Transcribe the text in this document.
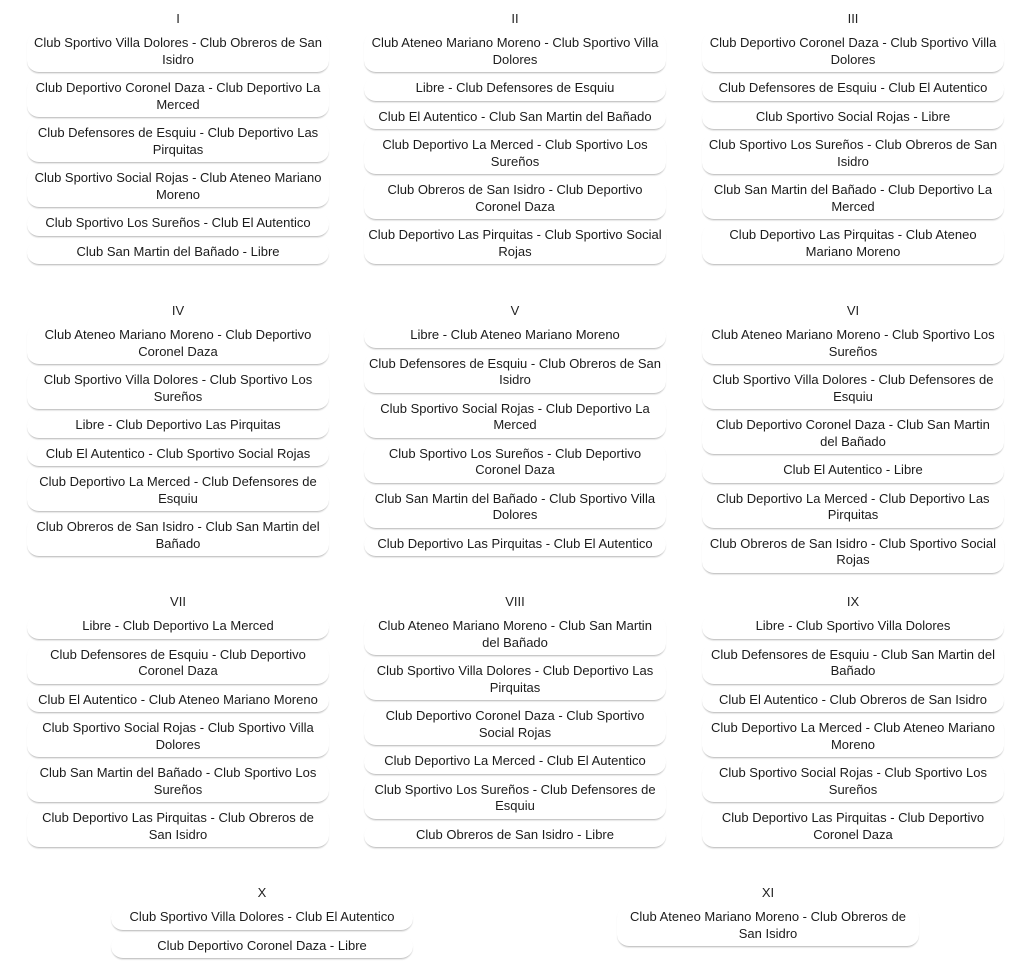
I
Club Sportivo Villa Dolores - Club Obreros de San Isidro
Club Deportivo Coronel Daza - Club Deportivo La Merced
Club Defensores de Esquiu - Club Deportivo Las Pirquitas
Club Sportivo Social Rojas - Club Ateneo Mariano Moreno
Club Sportivo Los Sureños - Club El Autentico
Club San Martin del Bañado - Libre
II
Club Ateneo Mariano Moreno - Club Sportivo Villa Dolores
Libre - Club Defensores de Esquiu
Club El Autentico - Club San Martin del Bañado
Club Deportivo La Merced - Club Sportivo Los Sureños
Club Obreros de San Isidro - Club Deportivo Coronel Daza
Club Deportivo Las Pirquitas - Club Sportivo Social Rojas
III
Club Deportivo Coronel Daza - Club Sportivo Villa Dolores
Club Defensores de Esquiu - Club El Autentico
Club Sportivo Social Rojas - Libre
Club Sportivo Los Sureños - Club Obreros de San Isidro
Club San Martin del Bañado - Club Deportivo La Merced
Club Deportivo Las Pirquitas - Club Ateneo Mariano Moreno
IV
Club Ateneo Mariano Moreno - Club Deportivo Coronel Daza
Club Sportivo Villa Dolores - Club Sportivo Los Sureños
Libre - Club Deportivo Las Pirquitas
Club El Autentico - Club Sportivo Social Rojas
Club Deportivo La Merced - Club Defensores de Esquiu
Club Obreros de San Isidro - Club San Martin del Bañado
V
Libre - Club Ateneo Mariano Moreno
Club Defensores de Esquiu - Club Obreros de San Isidro
Club Sportivo Social Rojas - Club Deportivo La Merced
Club Sportivo Los Sureños - Club Deportivo Coronel Daza
Club San Martin del Bañado - Club Sportivo Villa Dolores
Club Deportivo Las Pirquitas - Club El Autentico
VI
Club Ateneo Mariano Moreno - Club Sportivo Los Sureños
Club Sportivo Villa Dolores - Club Defensores de Esquiu
Club Deportivo Coronel Daza - Club San Martin del Bañado
Club El Autentico - Libre
Club Deportivo La Merced - Club Deportivo Las Pirquitas
Club Obreros de San Isidro - Club Sportivo Social Rojas
VII
Libre - Club Deportivo La Merced
Club Defensores de Esquiu - Club Deportivo Coronel Daza
Club El Autentico - Club Ateneo Mariano Moreno
Club Sportivo Social Rojas - Club Sportivo Villa Dolores
Club San Martin del Bañado - Club Sportivo Los Sureños
Club Deportivo Las Pirquitas - Club Obreros de San Isidro
VIII
Club Ateneo Mariano Moreno - Club San Martin del Bañado
Club Sportivo Villa Dolores - Club Deportivo Las Pirquitas
Club Deportivo Coronel Daza - Club Sportivo Social Rojas
Club Deportivo La Merced - Club El Autentico
Club Sportivo Los Sureños - Club Defensores de Esquiu
Club Obreros de San Isidro - Libre
IX
Libre - Club Sportivo Villa Dolores
Club Defensores de Esquiu - Club San Martin del Bañado
Club El Autentico - Club Obreros de San Isidro
Club Deportivo La Merced - Club Ateneo Mariano Moreno
Club Sportivo Social Rojas - Club Sportivo Los Sureños
Club Deportivo Las Pirquitas - Club Deportivo Coronel Daza
X
Club Sportivo Villa Dolores - Club El Autentico
Club Deportivo Coronel Daza - Libre
XI
Club Ateneo Mariano Moreno - Club Obreros de San Isidro
